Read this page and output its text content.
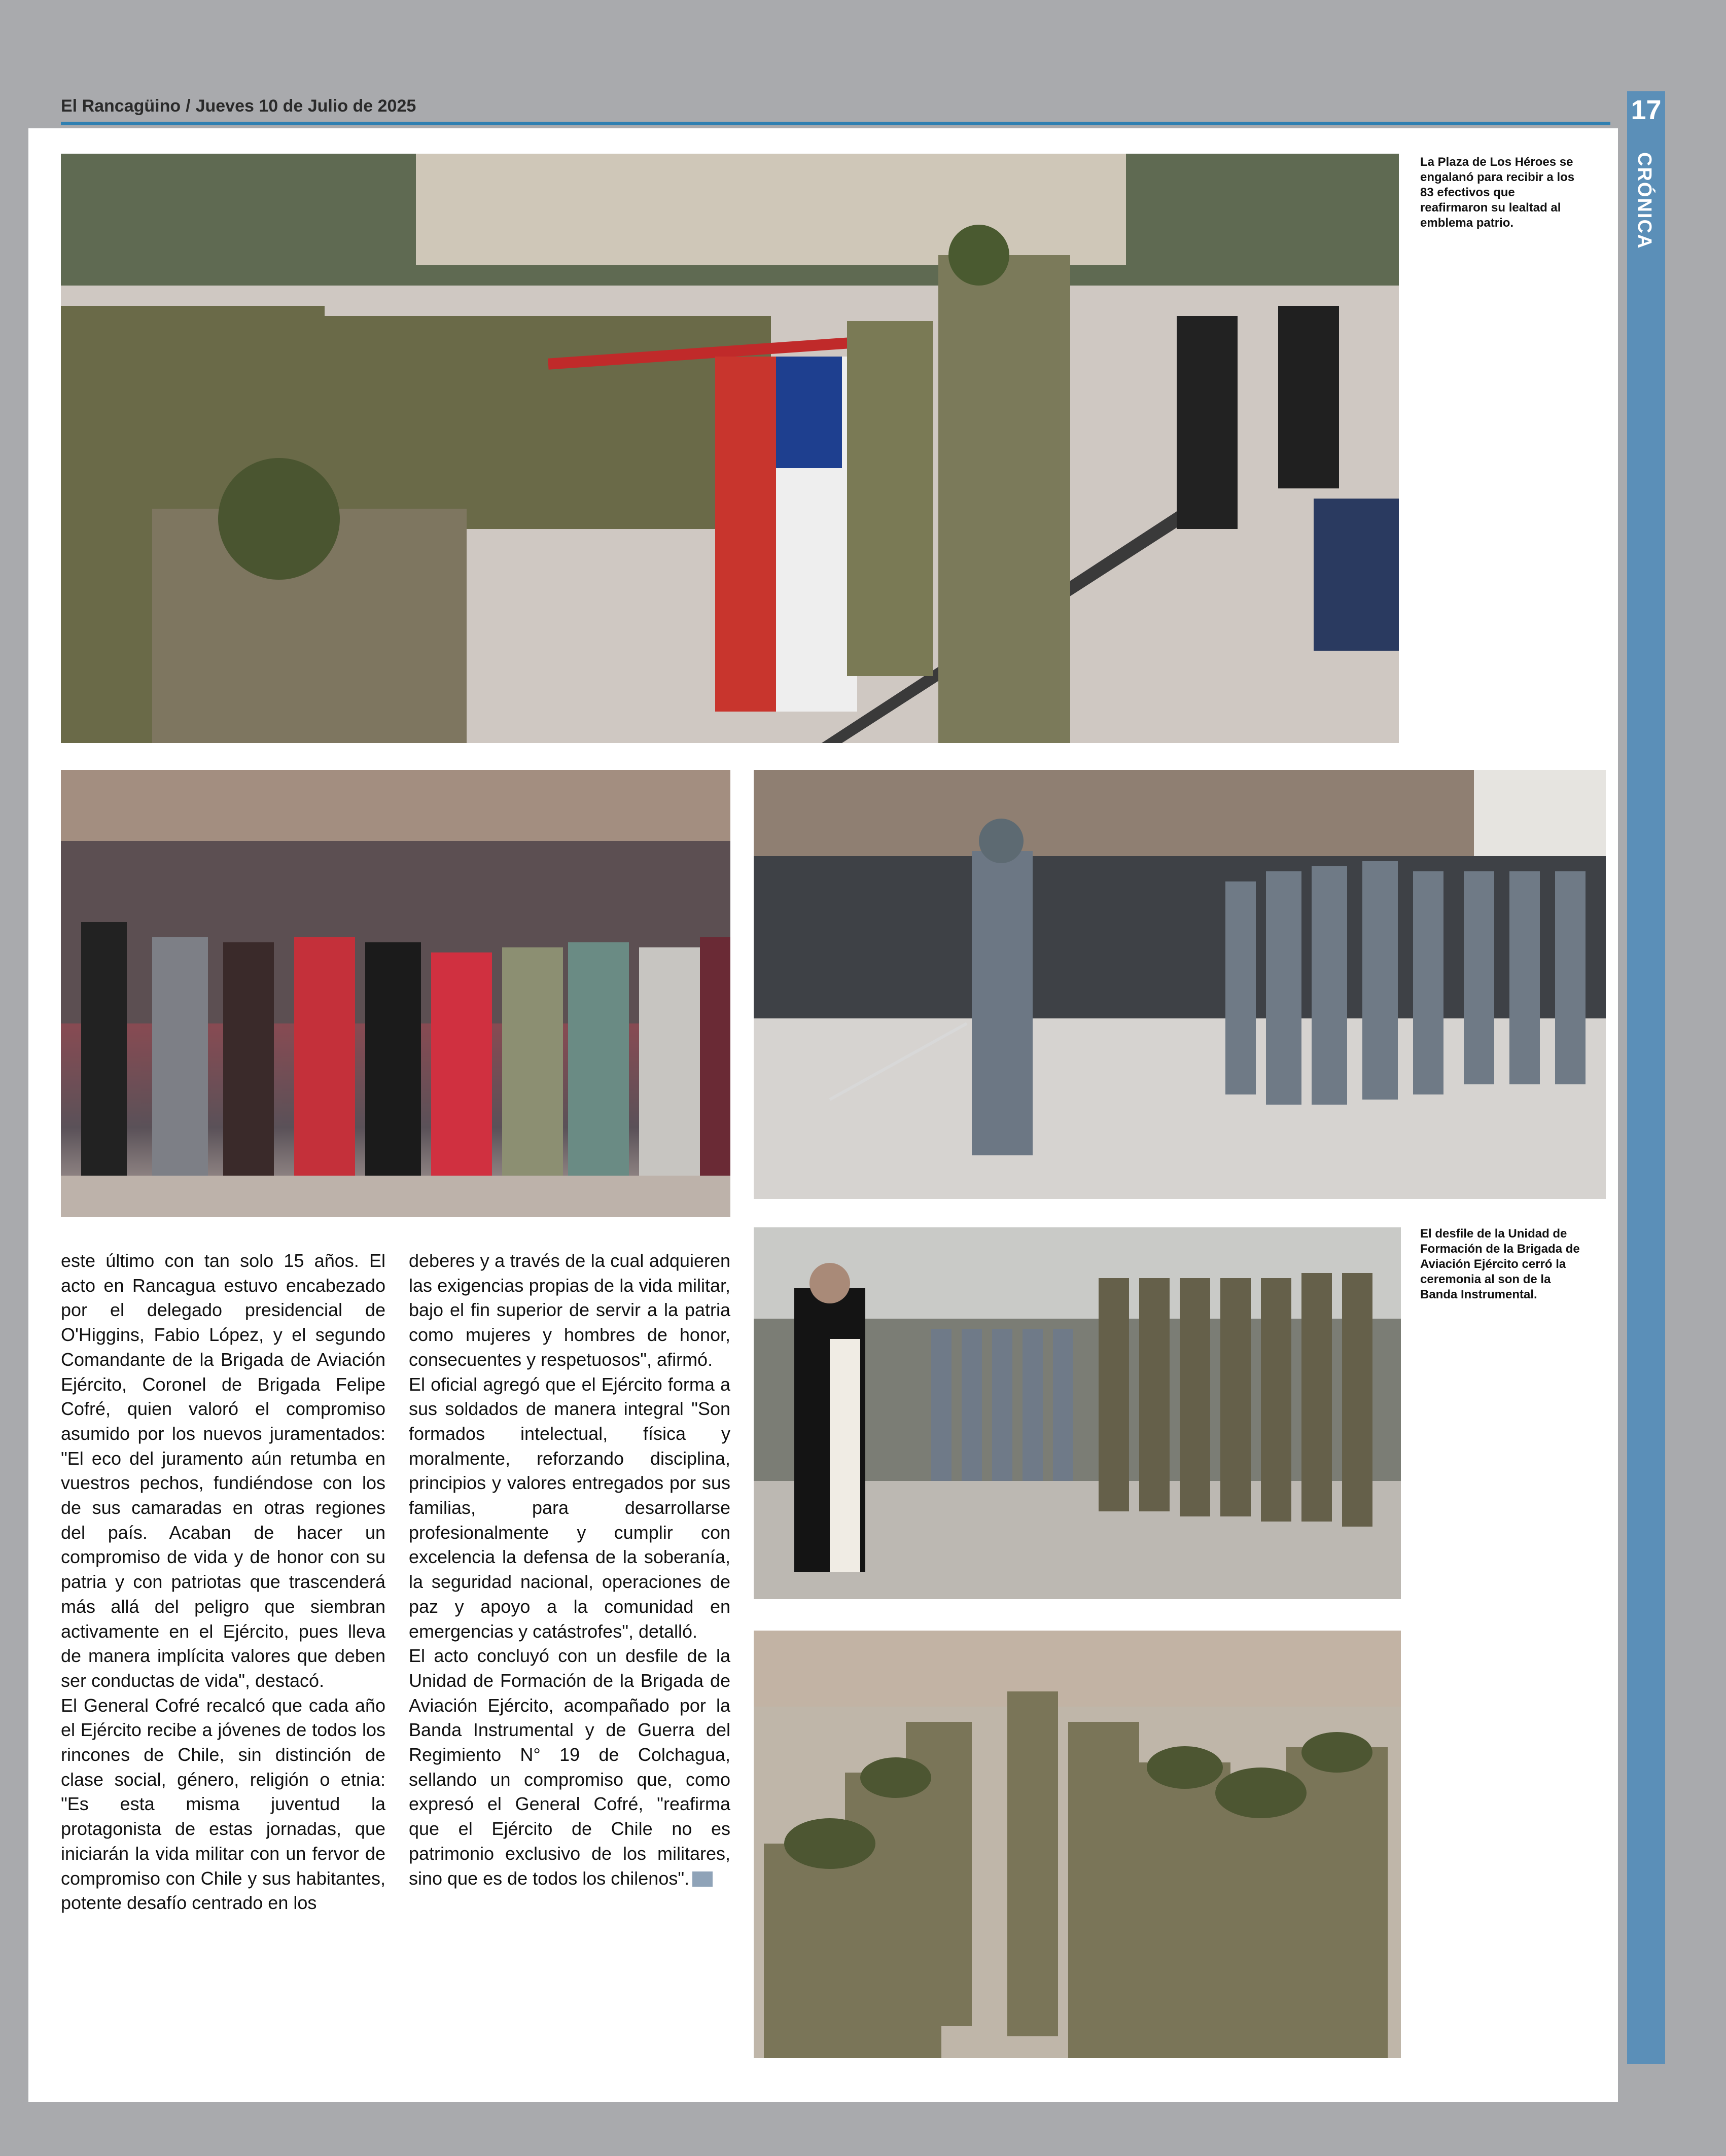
El Rancagüino / Jueves 10 de Julio de 2025	17
CRÓNICA
La Plaza de Los Héroes se engalanó para recibir a los 83 efectivos que reafirmaron su lealtad al emblema patrio.
El desfile de la Unidad de Formación de la Brigada de Aviación Ejército cerró la ceremonia al son de la Banda Instrumental.

este último con tan solo 15 años. El acto en Rancagua estuvo encabezado por el delegado presidencial de O'Higgins, Fabio López, y el segundo Comandante de la Brigada de Aviación Ejército, Coronel de Brigada Felipe Cofré, quien valoró el compromiso asumido por los nuevos juramentados: "El eco del juramento aún retumba en vuestros pechos, fundiéndose con los de sus camaradas en otras regiones del país. Acaban de hacer un compromiso de vida y de honor con su patria y con patriotas que trascenderá más allá del peligro que siembran activamente en el Ejército, pues lleva de manera implícita valores que deben ser conductas de vida", destacó.

El General Cofré recalcó que cada año el Ejército recibe a jóvenes de todos los rincones de Chile, sin distinción de clase social, género, religión o etnia: "Es esta misma juventud la protagonista de estas jornadas, que iniciarán la vida militar con un fervor de compromiso con Chile y sus habitantes, potente desafío centrado en los

deberes y a través de la cual adquieren las exigencias propias de la vida militar, bajo el fin superior de servir a la patria como mujeres y hombres de honor, consecuentes y respetuosos", afirmó.

El oficial agregó que el Ejército forma a sus soldados de manera integral "Son formados intelectual, física y moralmente, reforzando disciplina, principios y valores entregados por sus familias, para desarrollarse profesionalmente y cumplir con excelencia la defensa de la soberanía, la seguridad nacional, operaciones de paz y apoyo a la comunidad en emergencias y catástrofes", detalló.

El acto concluyó con un desfile de la Unidad de Formación de la Brigada de Aviación Ejército, acompañado por la Banda Instrumental y de Guerra del Regimiento N° 19 de Colchagua, sellando un compromiso que, como expresó el General Cofré, "reafirma que el Ejército de Chile no es patrimonio exclusivo de los militares, sino que es de todos los chilenos".
